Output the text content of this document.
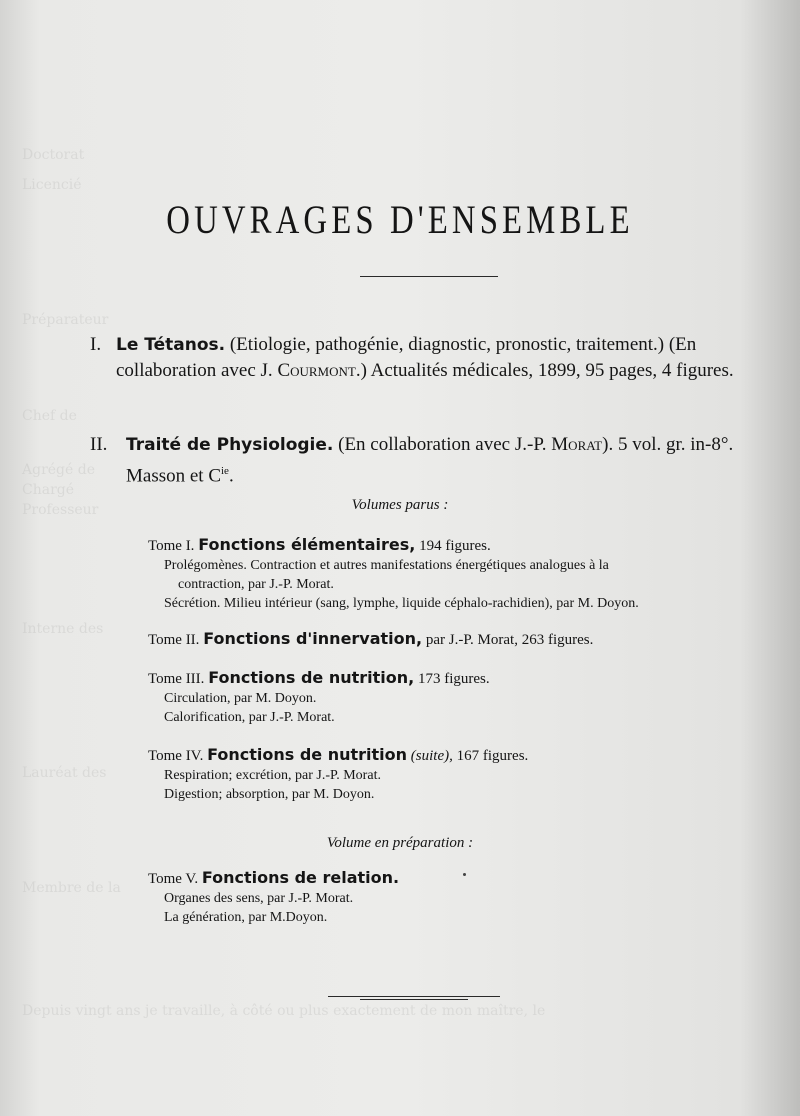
Doctorat
Licencié
Préparateur
Chef de
Agrégé de
Chargé
Professeur
Interne des
Lauréat des
Membre de la
Depuis vingt ans je travaille, à côté ou plus exactement de mon maître, le
OUVRAGES D'ENSEMBLE
I. Le Tétanos. (Etiologie, pathogénie, diagnostic, pronostic, traitement.) (En collaboration avec J. Courmont.) Actualités médicales, 1899, 95 pages, 4 figures.
II.	Traité de Physiologie. (En collaboration avec J.-P. Morat). 5 vol. gr. in-8°. Masson et $C^{ie}$.
Volumes parus :
Tome I. Fonctions élémentaires, 194 figures.
Prolégomènes. Contraction et autres manifestations énergétiques analogues à la
contraction, par J.-P. Morat.
Sécrétion. Milieu intérieur (sang, lymphe, liquide céphalo-rachidien), par M. Doyon.
Tome II. Fonctions d'innervation, par J.-P. Morat, 263 figures.
Tome III. Fonctions de nutrition, 173 figures.
Circulation, par M. Doyon.
Calorification, par J.-P. Morat.
Tome IV. Fonctions de nutrition (suite), 167 figures.
Respiration; excrétion, par J.-P. Morat.
Digestion; absorption, par M. Doyon.
Volume en préparation :
Tome V. Fonctions de relation.
Organes des sens, par J.-P. Morat.
La génération, par M.Doyon.
